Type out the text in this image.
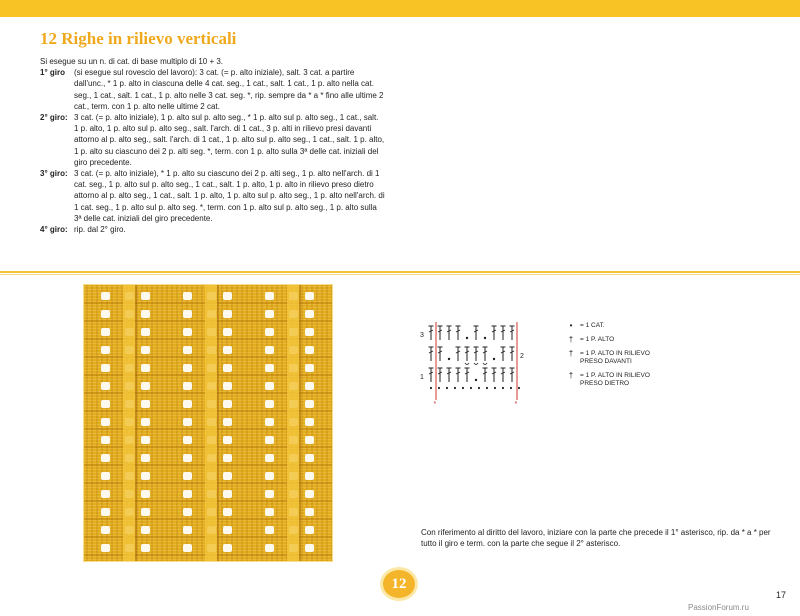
12 Righe in rilievo verticali

Si esegue su un n. di cat. di base multiplo di 10 + 3.

1° giro	(si esegue sul rovescio del lavoro): 3 cat. (= p. alto iniziale), salt. 3 cat. a partire dall'unc., * 1 p. alto in ciascuna delle 4 cat. seg., 1 cat., salt. 1 cat., 1 p. alto nella cat. seg., 1 cat., salt. 1 cat., 1 p. alto nelle 3 cat. seg. *, rip. sempre da * a * fino alle ultime 2 cat., term. con 1 p. alto nelle ultime 2 cat.
2° giro: 3 cat. (= p. alto iniziale), 1 p. alto sul p. alto seg., * 1 p. alto sul p. alto seg., 1 cat., salt. 1 p. alto, 1 p. alto sul p. alto seg., salt. l'arch. di 1 cat., 3 p. alti in rilievo presi davanti attorno al p. alto seg., salt. l'arch. di 1 cat., 1 p. alto sul p. alto seg., 1 cat., salt. 1 p. alto, 1 p. alto su ciascuno dei 2 p. alti seg. *, term. con 1 p. alto sulla 3ª delle cat. iniziali del giro precedente.
3° giro: 3 cat. (= p. alto iniziale), * 1 p. alto su ciascuno dei 2 p. alti seg., 1 p. alto nell'arch. di 1 cat. seg., 1 p. alto sul p. alto seg., 1 cat., salt. 1 p. alto, 1 p. alto in rilievo preso dietro attorno al p. alto seg., 1 cat., salt. 1 p. alto, 1 p. alto sul p. alto seg., 1 p. alto nell'arch. di 1 cat. seg., 1 p. alto sul p. alto seg. *, term. con 1 p. alto sul p. alto seg., 1 p. alto sulla 3ª delle cat. iniziali del giro precedente.
4° giro: rip. dal 2° giro.
3
2
1
*	*
•	= 1 CAT.
†	= 1 P. ALTO
†	= 1 P. ALTO IN RILIEVO PRESO DAVANTI
†	= 1 P. ALTO IN RILIEVO PRESO DIETRO

Con riferimento al diritto del lavoro, iniziare con la parte che precede il 1° asterisco, rip. da * a * per tutto il giro e term. con la parte che segue il 2° asterisco.

12
17
PassionForum.ru
